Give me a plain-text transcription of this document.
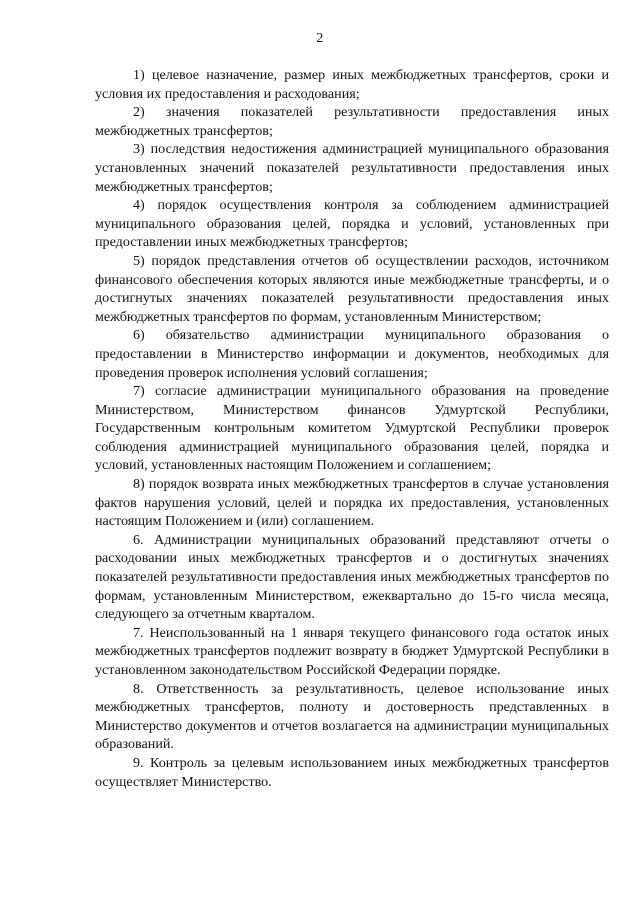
2

1) целевое назначение, размер иных межбюджетных трансфертов, сроки и условия их предоставления и расходования;

2) значения показателей результативности предоставления иных межбюджетных трансфертов;

3) последствия недостижения администрацией муниципального образования установленных значений показателей результативности предоставления иных межбюджетных трансфертов;

4) порядок осуществления контроля за соблюдением администрацией муниципального образования целей, порядка и условий, установленных при предоставлении иных межбюджетных трансфертов;

5) порядок представления отчетов об осуществлении расходов, источником финансового обеспечения которых являются иные межбюджетные трансферты, и о достигнутых значениях показателей результативности предоставления иных межбюджетных трансфертов по формам, установленным Министерством;

6) обязательство администрации муниципального образования о предоставлении в Министерство информации и документов, необходимых для проведения проверок исполнения условий соглашения;

7) согласие администрации муниципального образования на проведение Министерством, Министерством финансов Удмуртской Республики, Государственным контрольным комитетом Удмуртской Республики проверок соблюдения администрацией муниципального образования целей, порядка и условий, установленных настоящим Положением и соглашением;

8) порядок возврата иных межбюджетных трансфертов в случае установления фактов нарушения условий, целей и порядка их предоставления, установленных настоящим Положением и (или) соглашением.

6. Администрации муниципальных образований представляют отчеты о расходовании иных межбюджетных трансфертов и о достигнутых значениях показателей результативности предоставления иных межбюджетных трансфертов по формам, установленным Министерством, ежеквартально до 15-го числа месяца, следующего за отчетным кварталом.

7. Неиспользованный на 1 января текущего финансового года остаток иных межбюджетных трансфертов подлежит возврату в бюджет Удмуртской Республики в установленном законодательством Российской Федерации порядке.

8. Ответственность за результативность, целевое использование иных межбюджетных трансфертов, полноту и достоверность представленных в Министерство документов и отчетов возлагается на администрации муниципальных образований.

9. Контроль за целевым использованием иных межбюджетных трансфертов осуществляет Министерство.
